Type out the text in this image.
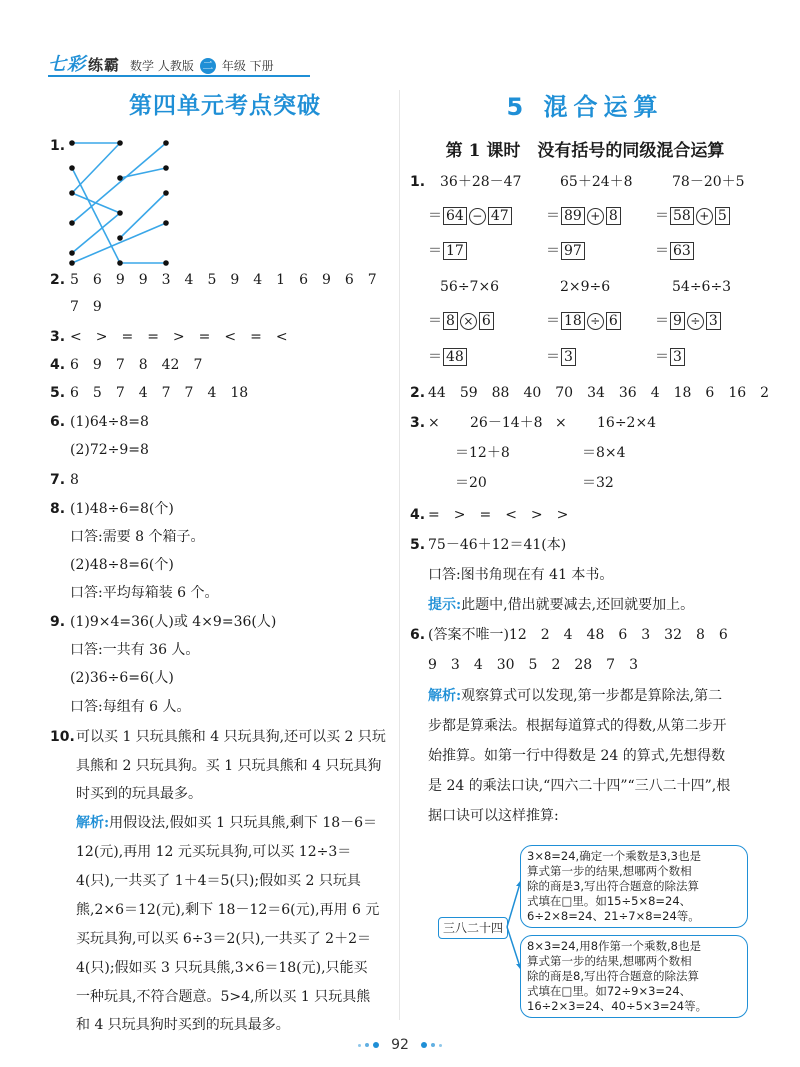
七彩 练霸 数学 人教版 二 年级 下册
第四单元考点突破	5 混合运算
第 1 课时　没有括号的同级混合运算
1.
2. 5　6　9　9　3　4　5　9　4　1　6　9　6　7
7　9
3. <　>　=　=　>　=　<　=　<
4. 6　9　7　8　42　7
5. 6　5　7　4　7　7　4　18
6. (1)64÷8=8
(2)72÷9=8
7. 8
8. (1)48÷6=8(个)
口答:需要 8 个箱子。
(2)48÷8=6(个)
口答:平均每箱装 6 个。
9. (1)9×4=36(人)或 4×9=36(人)
口答:一共有 36 人。
(2)36÷6=6(人)
口答:每组有 6 人。
10. 可以买 1 只玩具熊和 4 只玩具狗,还可以买 2 只玩
具熊和 2 只玩具狗。买 1 只玩具熊和 4 只玩具狗
时买到的玩具最多。
解析:用假设法,假如买 1 只玩具熊,剩下 18－6＝
12(元),再用 12 元买玩具狗,可以买 12÷3＝
4(只),一共买了 1＋4＝5(只);假如买 2 只玩具
熊,2×6＝12(元),剩下 18－12＝6(元),再用 6 元
买玩具狗,可以买 6÷3＝2(只),一共买了 2＋2＝
4(只);假如买 3 只玩具熊,3×6＝18(元),只能买
一种玩具,不符合题意。5>4,所以买 1 只玩具熊
和 4 只玩具狗时买到的玩具最多。
1. 36＋28－47	65＋24＋8	78－20＋5
＝ 64 − 47	＝ 89 + 8	＝ 58 + 5
＝ 17	＝ 97	＝ 63
56÷7×6	2×9÷6	54÷6÷3
＝ 8 × 6	＝ 18 ÷ 6	＝ 9 ÷ 3
＝ 48	＝ 3	＝ 3
2. 44　59　88　40　70　34　36　4　18　6　16　2
3. × 26－14＋8 × 16÷2×4
＝12＋8	＝8×4
＝20	＝32
4. =　>　=　<　>　>
5. 75－46＋12＝41(本)
口答:图书角现在有 41 本书。
提示:此题中,借出就要减去,还回就要加上。
6. (答案不唯一)12　2　4　48　6　3　32　8　6
9　3　4　30　5　2　28　7　3
解析:观察算式可以发现,第一步都是算除法,第二
步都是算乘法。根据每道算式的得数,从第二步开
始推算。如第一行中得数是 24 的算式,先想得数
是 24 的乘法口诀,“四六二十四”“三八二十四”,根
据口诀可以这样推算:
三八二十四
3×8=24,确定一个乘数是3,3也是
算式第一步的结果,想哪两个数相
除的商是3,写出符合题意的除法算
式填在□里。如15÷5×8=24、
6÷2×8=24、21÷7×8=24等。
8×3=24,用8作第一个乘数,8也是
算式第一步的结果,想哪两个数相
除的商是8,写出符合题意的除法算
式填在□里。如72÷9×3=24、
16÷2×3=24、40÷5×3=24等。
92
